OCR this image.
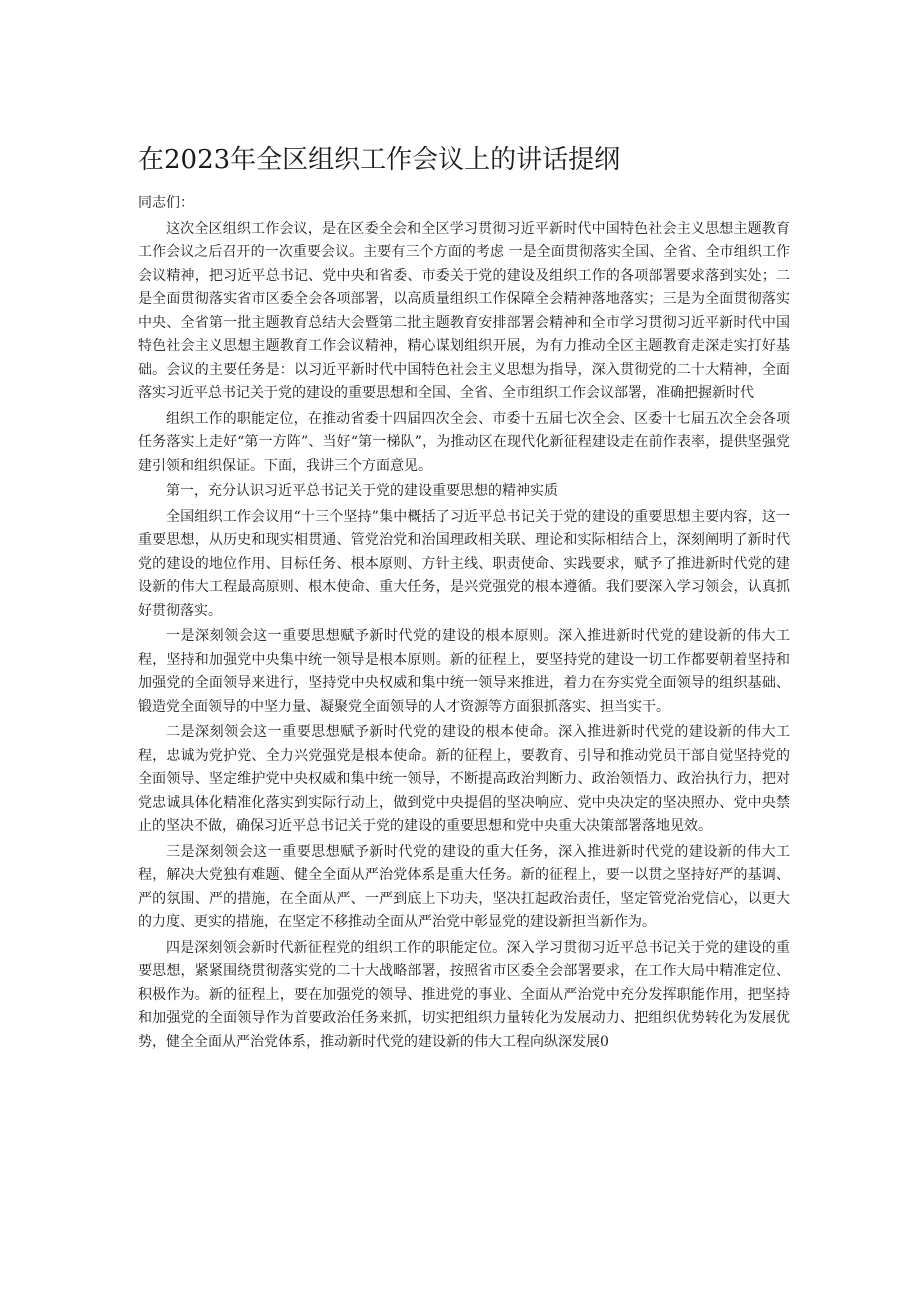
在2023年全区组织工作会议上的讲话提纲

同志们：

这次全区组织工作会议，是在区委全会和全区学习贯彻习近平新时代中国特色社会主义思想主题教育工作会议之后召开的一次重要会议。主要有三个方面的考虑 一是全面贯彻落实全国、全省、全市组织工作会议精神，把习近平总书记、党中央和省委、市委关于党的建设及组织工作的各项部署要求落到实处；二是全面贯彻落实省市区委全会各项部署，以高质量组织工作保障全会精神落地落实；三是为全面贯彻落实中央、全省第一批主题教育总结大会暨第二批主题教育安排部署会精神和全市学习贯彻习近平新时代中国特色社会主义思想主题教育工作会议精神，精心谋划组织开展，为有力推动全区主题教育走深走实打好基础。会议的主要任务是：以习近平新时代中国特色社会主义思想为指导，深入贯彻党的二十大精神，全面落实习近平总书记关于党的建设的重要思想和全国、全省、全市组织工作会议部署，准确把握新时代

组织工作的职能定位，在推动省委十四届四次全会、市委十五届七次全会、区委十七届五次全会各项任务落实上走好“第一方阵”、当好“第一梯队”，为推动区在现代化新征程建设走在前作表率，提供坚强党建引领和组织保证。下面，我讲三个方面意见。

第一，充分认识习近平总书记关于党的建设重要思想的精神实质

全国组织工作会议用“十三个坚持”集中概括了习近平总书记关于党的建设的重要思想主要内容，这一重要思想，从历史和现实相贯通、管党治党和治国理政相关联、理论和实际相结合上，深刻阐明了新时代党的建设的地位作用、目标任务、根本原则、方针主线、职责使命、实践要求，赋予了推进新时代党的建设新的伟大工程最高原则、根木使命、重大任务，是兴党强党的根本遵循。我们要深入学习领会，认真抓好贯彻落实。

一是深刻领会这一重要思想赋予新时代党的建设的根本原则。深入推进新时代党的建设新的伟大工程，坚持和加强党中央集中统一领导是根本原则。新的征程上，要坚持党的建设一切工作都要朝着坚持和加强党的全面领导来进行，坚持党中央权威和集中统一领导来推进，着力在夯实党全面领导的组织基础、锻造党全面领导的中坚力量、凝聚党全面领导的人才资源等方面狠抓落实、担当实干。

二是深刻领会这一重要思想赋予新时代党的建设的根本使命。深入推进新时代党的建设新的伟大工程，忠诚为党护党、全力兴党强党是根本使命。新的征程上，要教育、引导和推动党员干部自觉坚持党的全面领导、坚定维护党中央权威和集中统一领导，不断提高政治判断力、政治领悟力、政治执行力，把对党忠诚具体化精准化落实到实际行动上，做到党中央提倡的坚决响应、党中央决定的坚决照办、党中央禁止的坚决不做，确保习近平总书记关于党的建设的重要思想和党中央重大决策部署落地见效。

三是深刻领会这一重要思想赋予新时代党的建设的重大任务，深入推进新时代党的建设新的伟大工程，解决大党独有难题、健全全面从严治党体系是重大任务。新的征程上，要一以贯之坚持好严的基调、严的氛围、严的措施，在全面从严、一严到底上下功夫，坚决扛起政治责任，坚定管党治党信心，以更大的力度、更实的措施，在坚定不移推动全面从严治党中彰显党的建设新担当新作为。

四是深刻领会新时代新征程党的组织工作的职能定位。深入学习贯彻习近平总书记关于党的建设的重要思想，紧紧围绕贯彻落实党的二十大战略部署，按照省市区委全会部署要求，在工作大局中精准定位、积极作为。新的征程上，要在加强党的领导、推进党的事业、全面从严治党中充分发挥职能作用，把坚持和加强党的全面领导作为首要政治任务来抓，切实把组织力量转化为发展动力、把组织优势转化为发展优势，健全全面从严治党体系，推动新时代党的建设新的伟大工程向纵深发展0
